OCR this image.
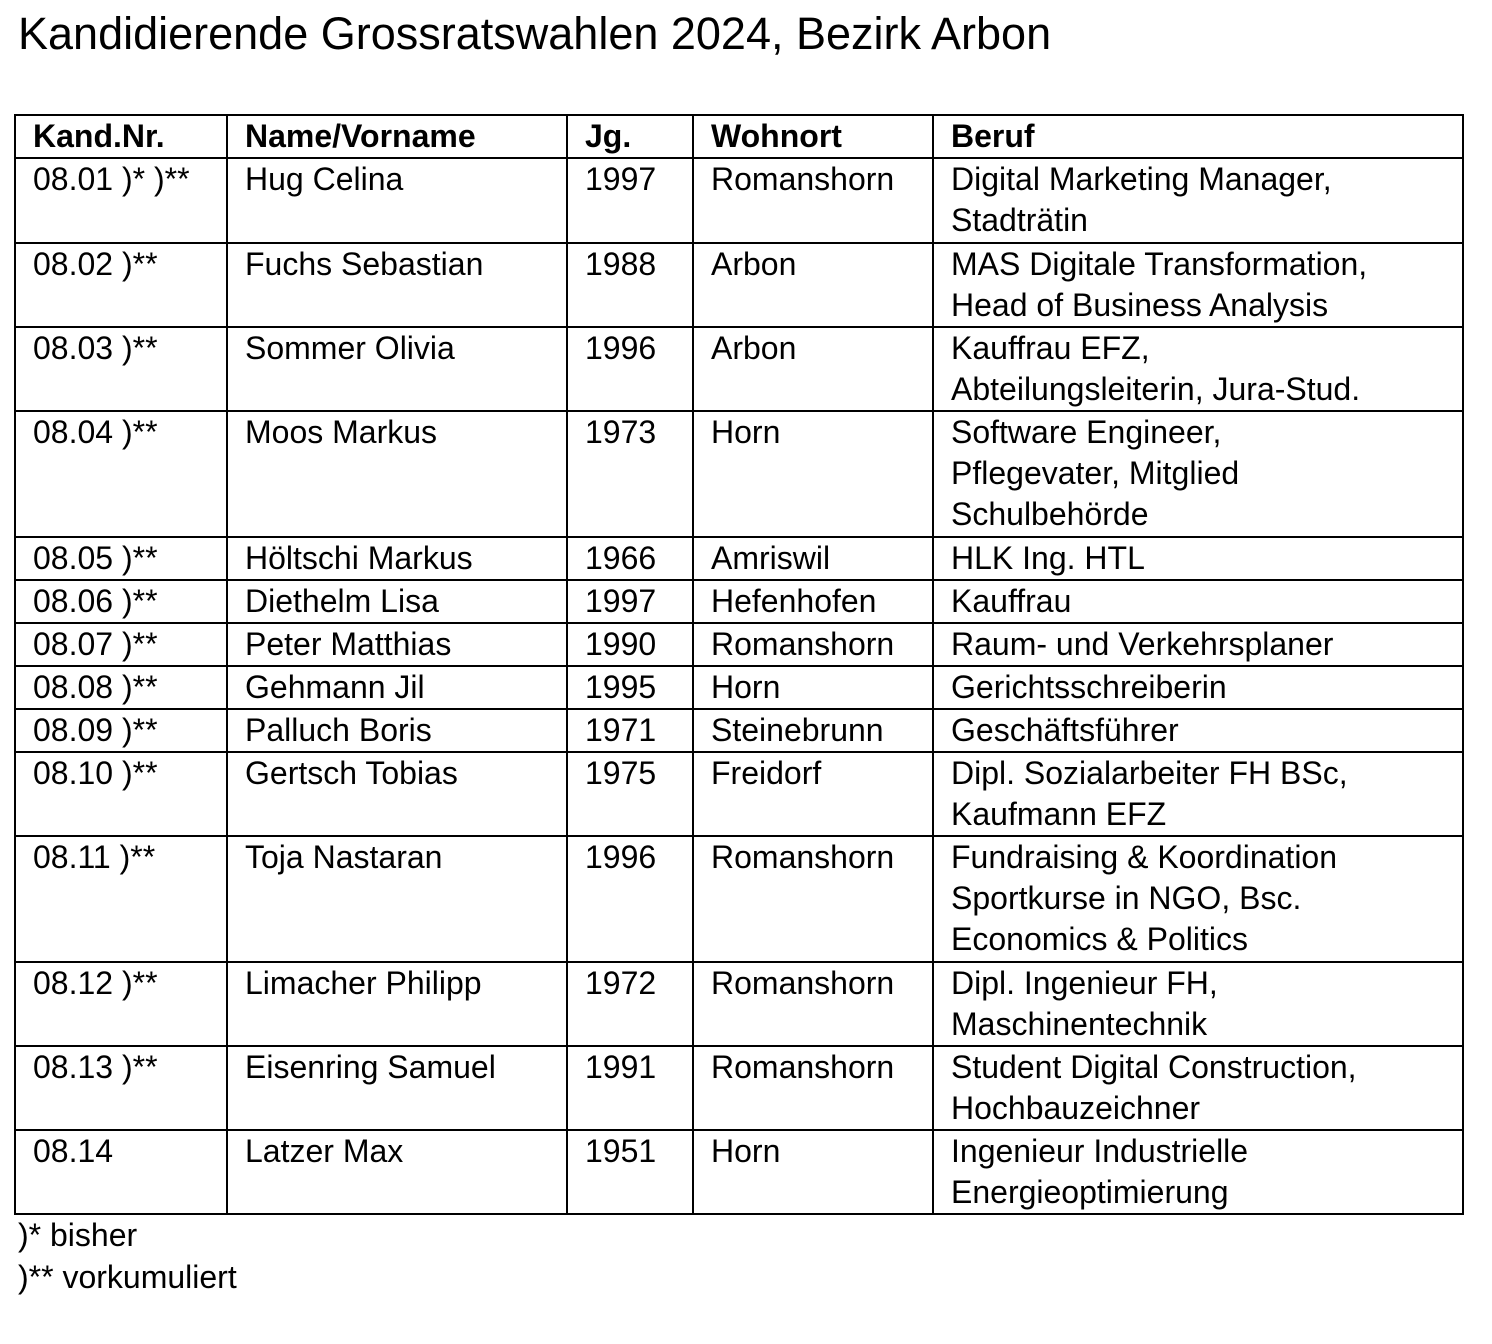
Kandidierende Grossratswahlen 2024, Bezirk Arbon
Kand.Nr.	Name/Vorname	Jg.	Wohnort	Beruf
08.01 )* )**	Hug Celina	1997	Romanshorn	Digital Marketing Manager,
Stadträtin
08.02 )**	Fuchs Sebastian	1988	Arbon	MAS Digitale Transformation,
Head of Business Analysis
08.03 )**	Sommer Olivia	1996	Arbon	Kauffrau EFZ,
Abteilungsleiterin, Jura-Stud.
08.04 )**	Moos Markus	1973	Horn	Software Engineer,
Pflegevater, Mitglied
Schulbehörde
08.05 )**	Höltschi Markus	1966	Amriswil	HLK Ing. HTL
08.06 )**	Diethelm Lisa	1997	Hefenhofen	Kauffrau
08.07 )**	Peter Matthias	1990	Romanshorn	Raum- und Verkehrsplaner
08.08 )**	Gehmann Jil	1995	Horn	Gerichtsschreiberin
08.09 )**	Palluch Boris	1971	Steinebrunn	Geschäftsführer
08.10 )**	Gertsch Tobias	1975	Freidorf	Dipl. Sozialarbeiter FH BSc,
Kaufmann EFZ
08.11 )**	Toja Nastaran	1996	Romanshorn	Fundraising & Koordination
Sportkurse in NGO, Bsc.
Economics & Politics
08.12 )**	Limacher Philipp	1972	Romanshorn	Dipl. Ingenieur FH,
Maschinentechnik
08.13 )**	Eisenring Samuel	1991	Romanshorn	Student Digital Construction,
Hochbauzeichner
08.14	Latzer Max	1951	Horn	Ingenieur Industrielle
Energieoptimierung
)* bisher
)** vorkumuliert
